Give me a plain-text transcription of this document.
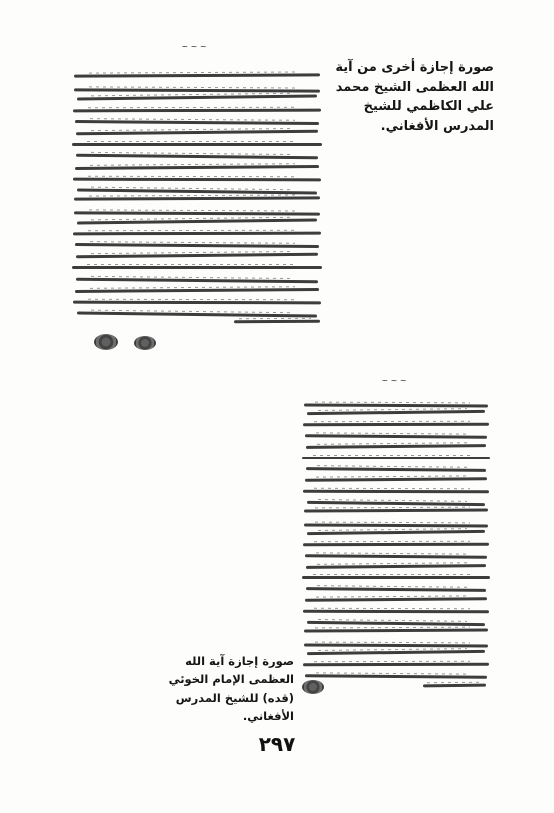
~ ~ ~
صورة إجازة أخرى من آية الله العظمى الشيخ محمد علي الكاظمي للشيخ المدرس الأفغاني.
~ ~ ~
صورة إجازة آية الله العظمى الإمام الخوئي (قده) للشيخ المدرس الأفغاني.
٢٩٧
